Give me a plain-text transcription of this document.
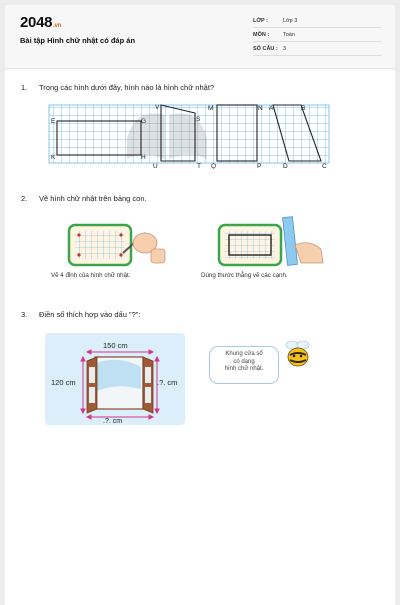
2048.vn
Bài tập Hình chữ nhật có đáp án
LỚP :	Lớp 3
MÔN :	Toán
SỐ CÂU : 3
1. Trong các hình dưới đây, hình nào là hình chữ nhật?
E	G
K	H
V	M
S
U	T Q
N A	B
P	D	C
2. Vẽ hình chữ nhật trên bảng con.
Vẽ 4 đỉnh của hình chữ nhật.	Dùng thước thẳng vẽ các cạnh.
3. Điền số thích hợp vào dấu "?":
150 cm
120 cm	.?. cm
.?. cm
Khung cửa sổ
có dạng
hình chữ nhật.
